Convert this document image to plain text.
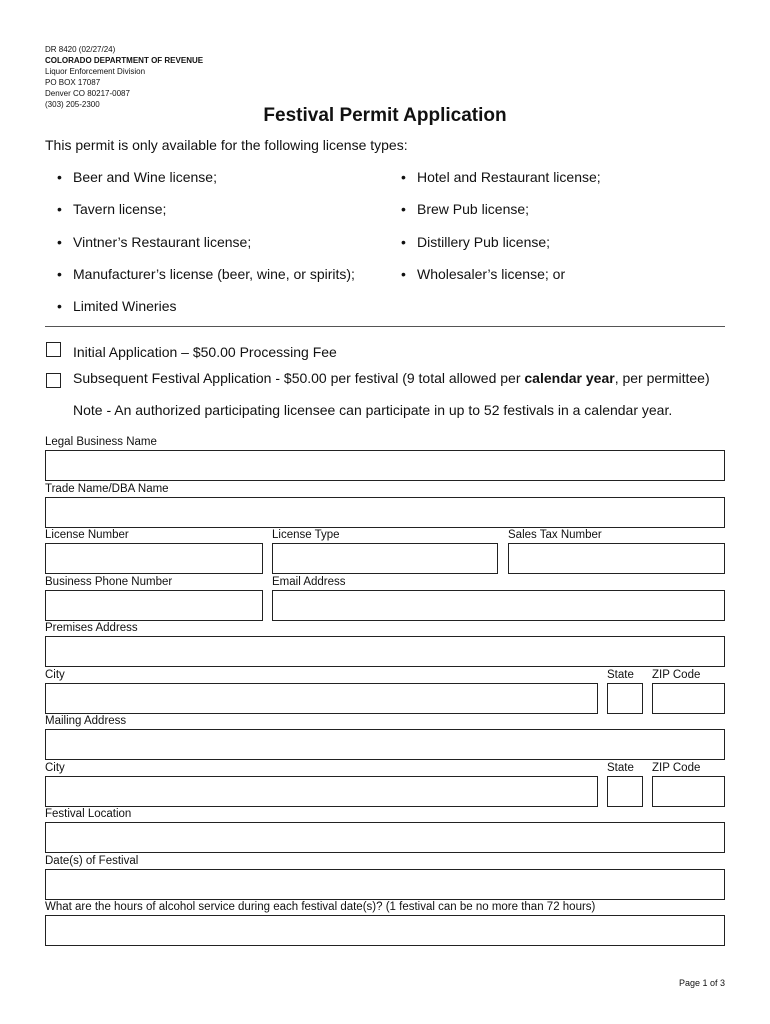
DR 8420 (02/27/24)
COLORADO DEPARTMENT OF REVENUE
Liquor Enforcement Division
PO BOX 17087
Denver CO 80217-0087
(303) 205-2300
Festival Permit Application
This permit is only available for the following license types:
• Beer and Wine license;
• Tavern license;
• Vintner’s Restaurant license;
• Manufacturer’s license (beer, wine, or spirits);
• Limited Wineries
• Hotel and Restaurant license;
• Brew Pub license;
• Distillery Pub license;
• Wholesaler’s license; or
Initial Application – $50.00 Processing Fee
Subsequent Festival Application - $50.00 per festival (9 total allowed per calendar year, per permittee)
Note - An authorized participating licensee can participate in up to 52 festivals in a calendar year.
Legal Business Name
Trade Name/DBA Name
License Number	License Type	Sales Tax Number
Business Phone Number	Email Address
Premises Address
City	State ZIP Code
Mailing Address
City	State ZIP Code
Festival Location
Date(s) of Festival
What are the hours of alcohol service during each festival date(s)? (1 festival can be no more than 72 hours)
Page 1 of 3
